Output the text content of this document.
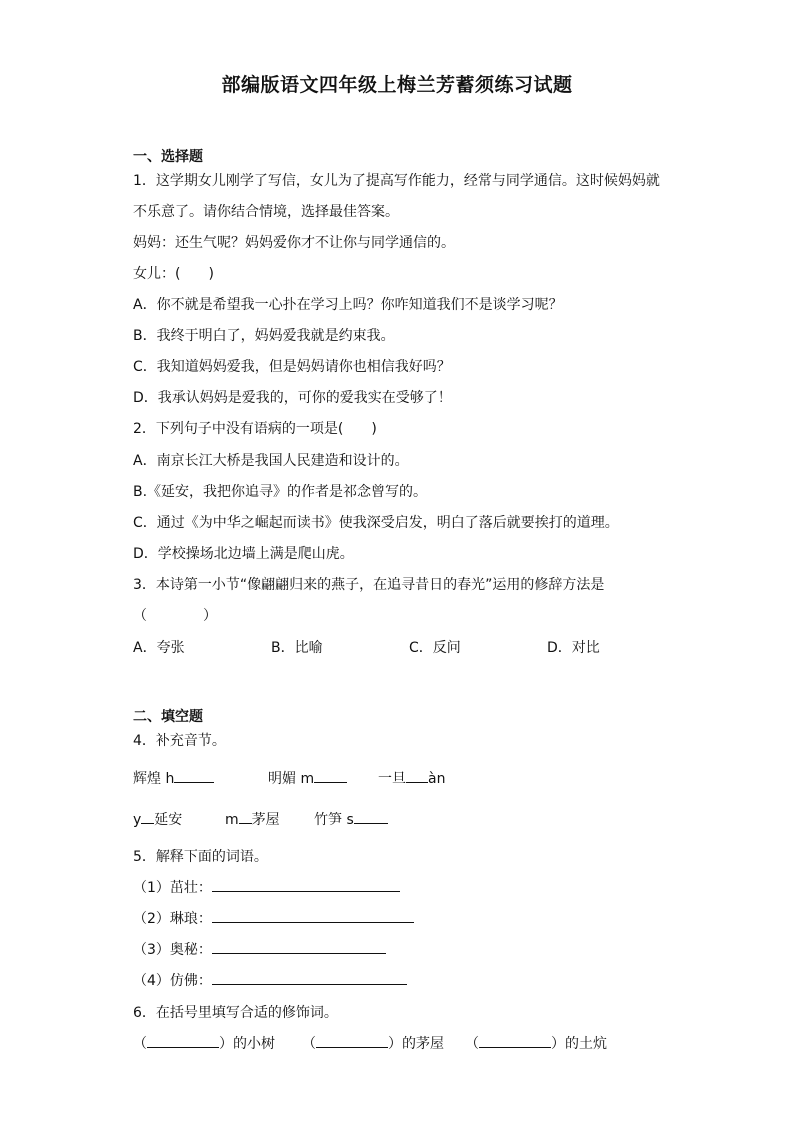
部编版语文四年级上梅兰芳蓄须练习试题
一、选择题
1．这学期女儿刚学了写信，女儿为了提高写作能力，经常与同学通信。这时候妈妈就
不乐意了。请你结合情境，选择最佳答案。
妈妈：还生气呢？妈妈爱你才不让你与同学通信的。
女儿：(　　)
A．你不就是希望我一心扑在学习上吗？你咋知道我们不是谈学习呢？
B．我终于明白了，妈妈爱我就是约束我。
C．我知道妈妈爱我，但是妈妈请你也相信我好吗？
D．我承认妈妈是爱我的，可你的爱我实在受够了！
2．下列句子中没有语病的一项是(　　)
A．南京长江大桥是我国人民建造和设计的。
B.《延安，我把你追寻》的作者是祁念曾写的。
C．通过《为中华之崛起而读书》使我深受启发，明白了落后就要挨打的道理。
D．学校操场北边墙上满是爬山虎。
3．本诗第一小节“像翩翩归来的燕子，在追寻昔日的春光”运用的修辞方法是
（　　　　）
A．夸张	B．比喻	C．反问	D．对比
二、填空题
4．补充音节。
辉煌 h	明媚 m	一旦 àn
y 延安	m 茅屋 竹笋 s
5．解释下面的词语。
（1）茁壮：
（2）琳琅：
（3）奥秘：
（4）仿佛：
6．在括号里填写合适的修饰词。
（	）的小树 （	）的茅屋 （	）的土炕
